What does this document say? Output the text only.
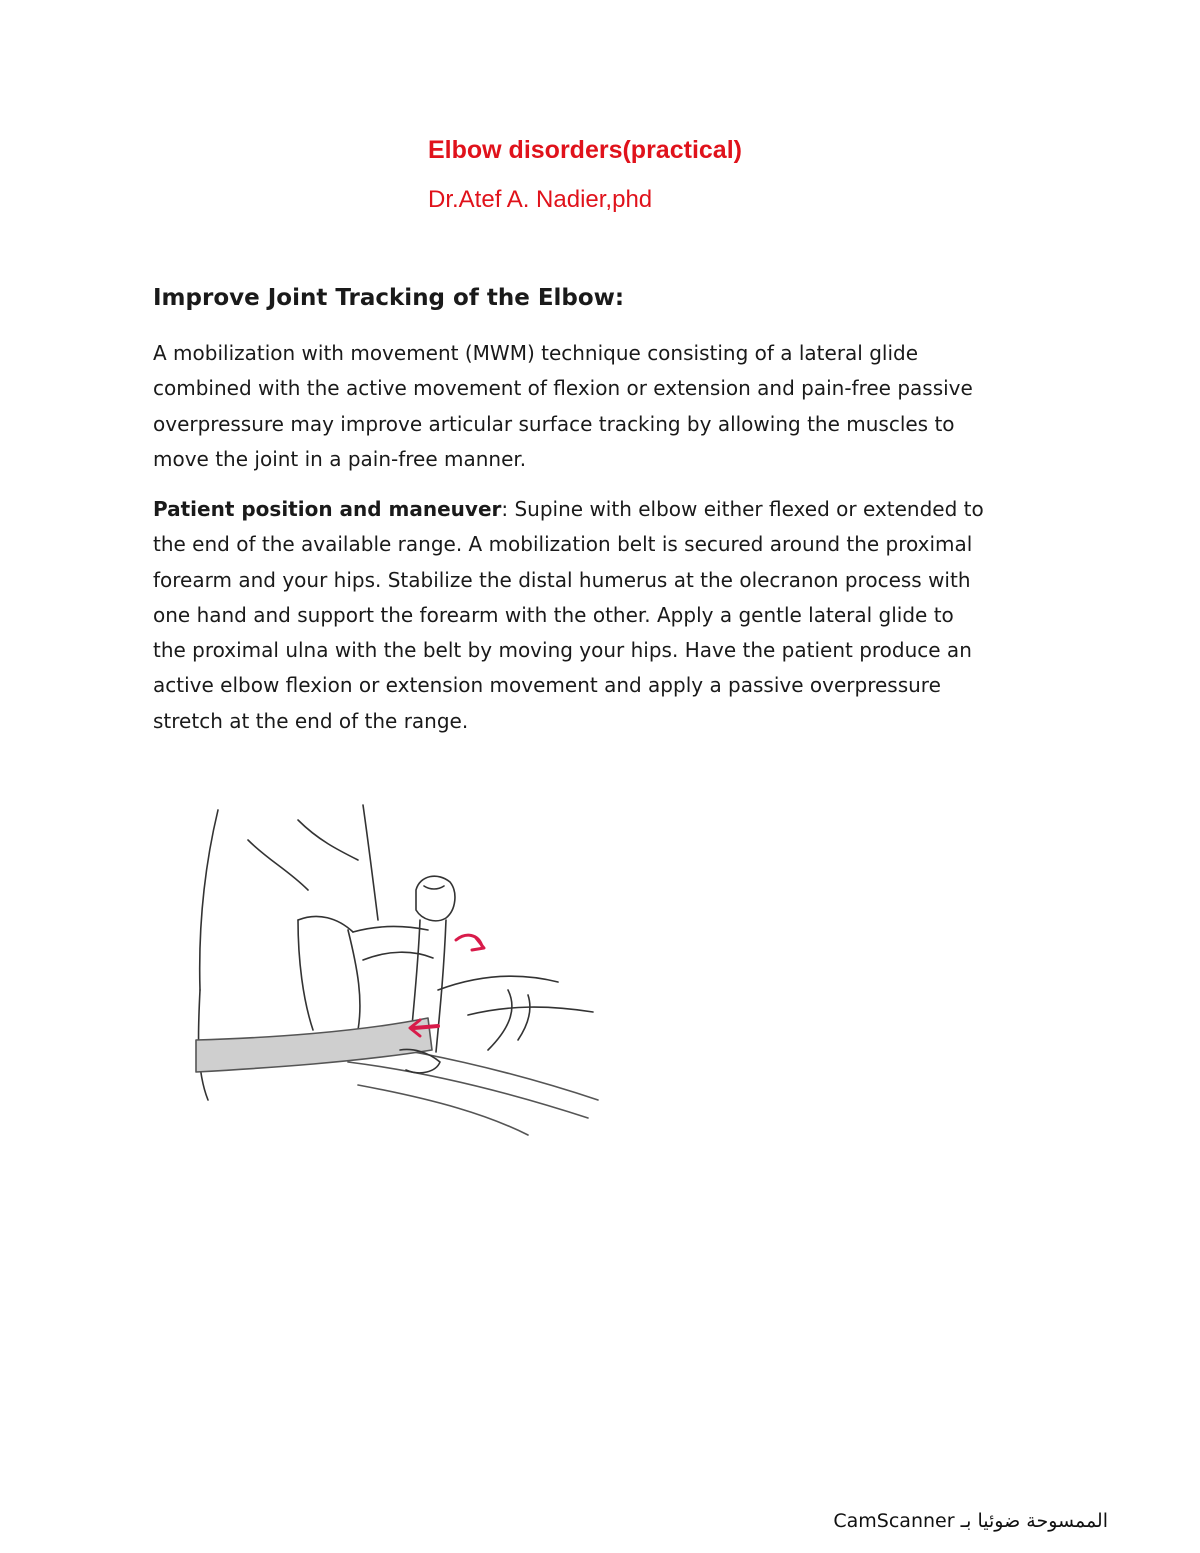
Elbow disorders(practical)
Dr.Atef A. Nadier,phd
Improve Joint Tracking of the Elbow:

A mobilization with movement (MWM) technique consisting of a lateral glide
combined with the active movement of flexion or extension and pain-free passive
overpressure may improve articular surface tracking by allowing the muscles to
move the joint in a pain-free manner.

Patient position and maneuver: Supine with elbow either flexed or extended to
the end of the available range. A mobilization belt is secured around the proximal
forearm and your hips. Stabilize the distal humerus at the olecranon process with
one hand and support the forearm with the other. Apply a gentle lateral glide to
the proximal ulna with the belt by moving your hips. Have the patient produce an
active elbow flexion or extension movement and apply a passive overpressure
stretch at the end of the range.

الممسوحة ضوئيا بـ CamScanner
